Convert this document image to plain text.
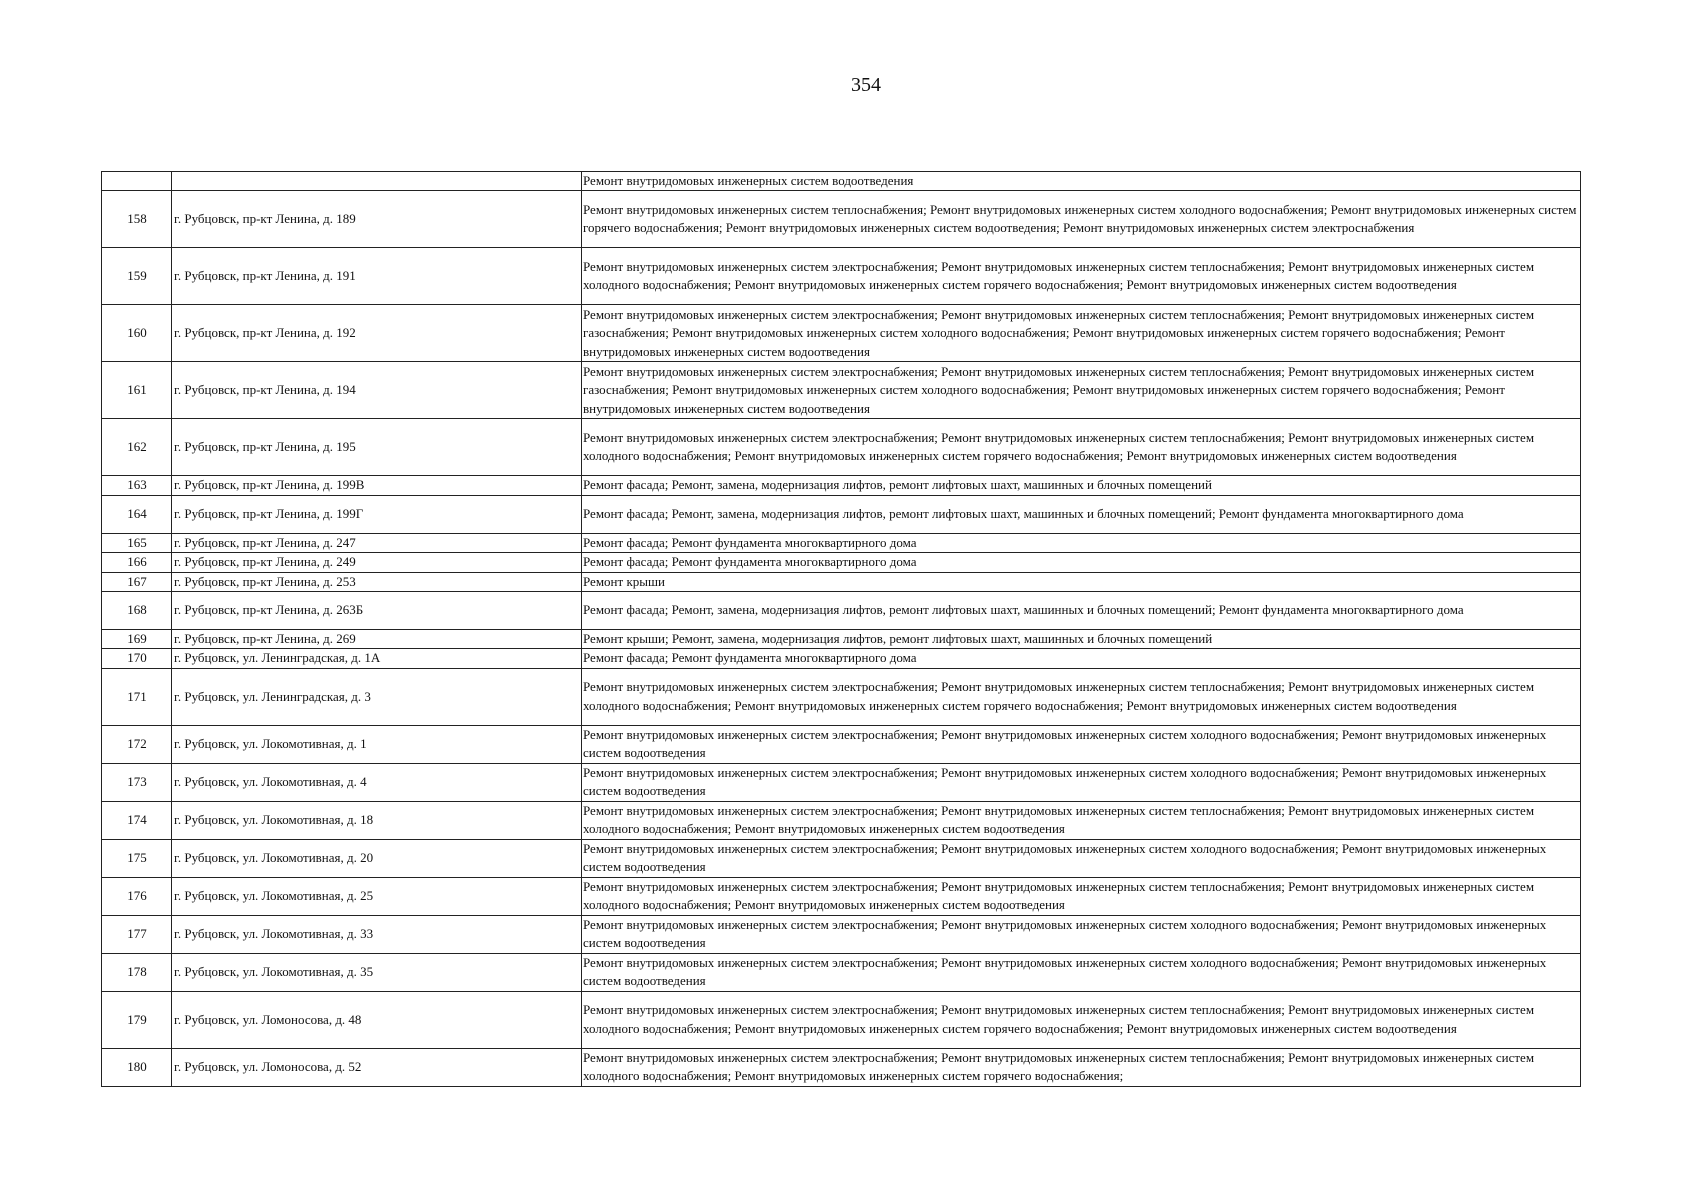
354
		Ремонт внутридомовых инженерных систем водоотведения
158	г. Рубцовск, пр-кт Ленина, д. 189	Ремонт внутридомовых инженерных систем теплоснабжения; Ремонт внутридомовых инженерных систем холодного водоснабжения; Ремонт внутридомовых инженерных систем горячего водоснабжения; Ремонт внутридомовых инженерных систем водоотведения; Ремонт внутридомовых инженерных систем электроснабжения
159	г. Рубцовск, пр-кт Ленина, д. 191	Ремонт внутридомовых инженерных систем электроснабжения; Ремонт внутридомовых инженерных систем теплоснабжения; Ремонт внутридомовых инженерных систем холодного водоснабжения; Ремонт внутридомовых инженерных систем горячего водоснабжения; Ремонт внутридомовых инженерных систем водоотведения
160	г. Рубцовск, пр-кт Ленина, д. 192	Ремонт внутридомовых инженерных систем электроснабжения; Ремонт внутридомовых инженерных систем теплоснабжения; Ремонт внутридомовых инженерных систем газоснабжения; Ремонт внутридомовых инженерных систем холодного водоснабжения; Ремонт внутридомовых инженерных систем горячего водоснабжения; Ремонт внутридомовых инженерных систем водоотведения
161	г. Рубцовск, пр-кт Ленина, д. 194	Ремонт внутридомовых инженерных систем электроснабжения; Ремонт внутридомовых инженерных систем теплоснабжения; Ремонт внутридомовых инженерных систем газоснабжения; Ремонт внутридомовых инженерных систем холодного водоснабжения; Ремонт внутридомовых инженерных систем горячего водоснабжения; Ремонт внутридомовых инженерных систем водоотведения
162	г. Рубцовск, пр-кт Ленина, д. 195	Ремонт внутридомовых инженерных систем электроснабжения; Ремонт внутридомовых инженерных систем теплоснабжения; Ремонт внутридомовых инженерных систем холодного водоснабжения; Ремонт внутридомовых инженерных систем горячего водоснабжения; Ремонт внутридомовых инженерных систем водоотведения
163	г. Рубцовск, пр-кт Ленина, д. 199В	Ремонт фасада; Ремонт, замена, модернизация лифтов, ремонт лифтовых шахт, машинных и блочных помещений
164	г. Рубцовск, пр-кт Ленина, д. 199Г	Ремонт фасада; Ремонт, замена, модернизация лифтов, ремонт лифтовых шахт, машинных и блочных помещений; Ремонт фундамента многоквартирного дома
165	г. Рубцовск, пр-кт Ленина, д. 247	Ремонт фасада; Ремонт фундамента многоквартирного дома
166	г. Рубцовск, пр-кт Ленина, д. 249	Ремонт фасада; Ремонт фундамента многоквартирного дома
167	г. Рубцовск, пр-кт Ленина, д. 253	Ремонт крыши
168	г. Рубцовск, пр-кт Ленина, д. 263Б	Ремонт фасада; Ремонт, замена, модернизация лифтов, ремонт лифтовых шахт, машинных и блочных помещений; Ремонт фундамента многоквартирного дома
169	г. Рубцовск, пр-кт Ленина, д. 269	Ремонт крыши; Ремонт, замена, модернизация лифтов, ремонт лифтовых шахт, машинных и блочных помещений
170	г. Рубцовск, ул. Ленинградская, д. 1А	Ремонт фасада; Ремонт фундамента многоквартирного дома
171	г. Рубцовск, ул. Ленинградская, д. 3	Ремонт внутридомовых инженерных систем электроснабжения; Ремонт внутридомовых инженерных систем теплоснабжения; Ремонт внутридомовых инженерных систем холодного водоснабжения; Ремонт внутридомовых инженерных систем горячего водоснабжения; Ремонт внутридомовых инженерных систем водоотведения
172	г. Рубцовск, ул. Локомотивная, д. 1	Ремонт внутридомовых инженерных систем электроснабжения; Ремонт внутридомовых инженерных систем холодного водоснабжения; Ремонт внутридомовых инженерных систем водоотведения
173	г. Рубцовск, ул. Локомотивная, д. 4	Ремонт внутридомовых инженерных систем электроснабжения; Ремонт внутридомовых инженерных систем холодного водоснабжения; Ремонт внутридомовых инженерных систем водоотведения
174	г. Рубцовск, ул. Локомотивная, д. 18	Ремонт внутридомовых инженерных систем электроснабжения; Ремонт внутридомовых инженерных систем теплоснабжения; Ремонт внутридомовых инженерных систем холодного водоснабжения; Ремонт внутридомовых инженерных систем водоотведения
175	г. Рубцовск, ул. Локомотивная, д. 20	Ремонт внутридомовых инженерных систем электроснабжения; Ремонт внутридомовых инженерных систем холодного водоснабжения; Ремонт внутридомовых инженерных систем водоотведения
176	г. Рубцовск, ул. Локомотивная, д. 25	Ремонт внутридомовых инженерных систем электроснабжения; Ремонт внутридомовых инженерных систем теплоснабжения; Ремонт внутридомовых инженерных систем холодного водоснабжения; Ремонт внутридомовых инженерных систем водоотведения
177	г. Рубцовск, ул. Локомотивная, д. 33	Ремонт внутридомовых инженерных систем электроснабжения; Ремонт внутридомовых инженерных систем холодного водоснабжения; Ремонт внутридомовых инженерных систем водоотведения
178	г. Рубцовск, ул. Локомотивная, д. 35	Ремонт внутридомовых инженерных систем электроснабжения; Ремонт внутридомовых инженерных систем холодного водоснабжения; Ремонт внутридомовых инженерных систем водоотведения
179	г. Рубцовск, ул. Ломоносова, д. 48	Ремонт внутридомовых инженерных систем электроснабжения; Ремонт внутридомовых инженерных систем теплоснабжения; Ремонт внутридомовых инженерных систем холодного водоснабжения; Ремонт внутридомовых инженерных систем горячего водоснабжения; Ремонт внутридомовых инженерных систем водоотведения
180	г. Рубцовск, ул. Ломоносова, д. 52	Ремонт внутридомовых инженерных систем электроснабжения; Ремонт внутридомовых инженерных систем теплоснабжения; Ремонт внутридомовых инженерных систем холодного водоснабжения; Ремонт внутридомовых инженерных систем горячего водоснабжения;
